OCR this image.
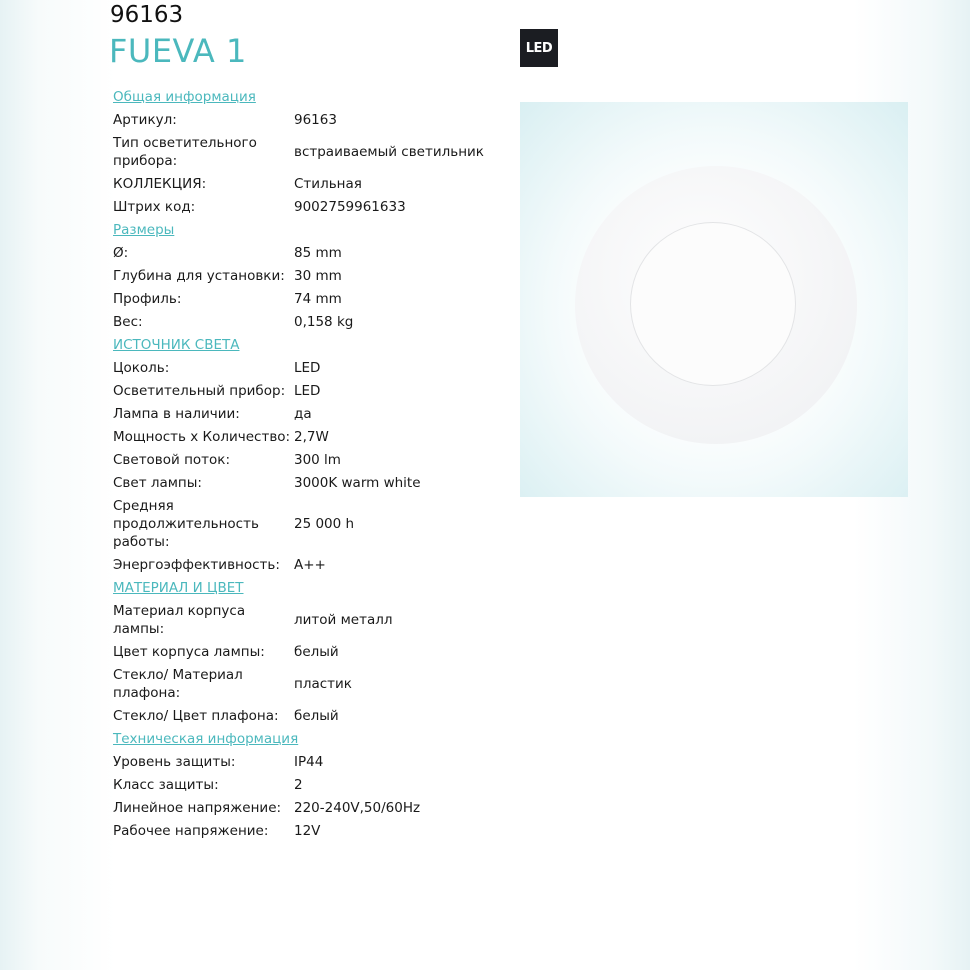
96163
FUEVA 1	LED
Общая информация
Артикул:	96163
Тип осветительного прибора:
встраиваемый светильник
КОЛЛЕКЦИЯ:	Стильная
Штрих код:	9002759961633
Размеры
Ø:	85 mm
Глубина для установки: 30 mm
Профиль:	74 mm
Вес:	0,158 kg
ИСТОЧНИК СВЕТА
Цоколь:	LED
Осветительный прибор: LED
Лампа в наличии:	да
Мощность x Количество: 2,7W
Световой поток:	300 lm
Свет лампы:	3000K warm white
Средняя продолжительность работы:
25 000 h
Энергоэффективность:	A++
МАТЕРИАЛ И ЦВЕТ
Материал корпуса лампы:
литой металл
Цвет корпуса лампы:	белый
Стекло/ Материал плафона:
пластик
Стекло/ Цвет плафона:	белый
Техническая информация
Уровень защиты:	IP44
Класс защиты:	2
Линейное напряжение: 220-240V,50/60Hz
Рабочее напряжение:	12V
